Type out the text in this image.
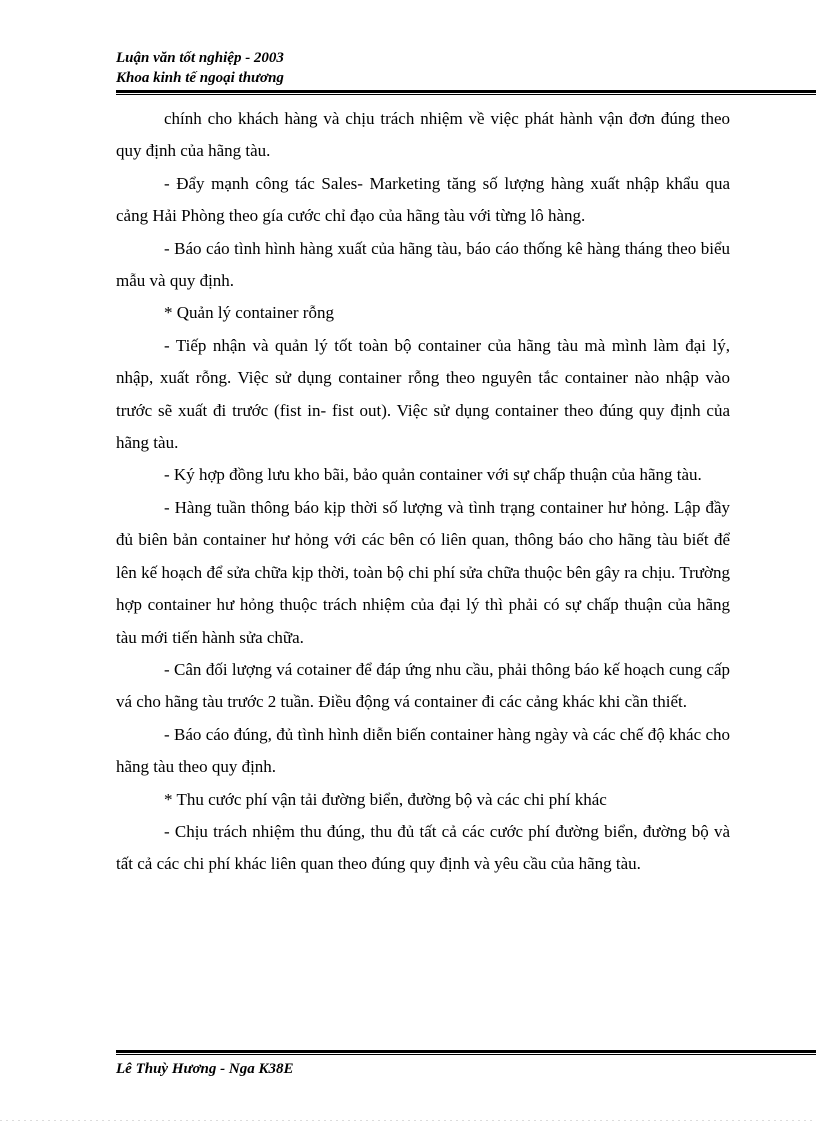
Luận văn tốt nghiệp - 2003
Khoa kinh tế ngoại thương

chính cho khách hàng và chịu trách nhiệm về việc phát hành vận đơn đúng theo quy định của hãng tàu.

- Đẩy mạnh công tác Sales- Marketing tăng số lượng hàng xuất nhập khẩu qua cảng Hải Phòng theo gía cước chỉ đạo của hãng tàu với từng lô hàng.

- Báo cáo tình hình hàng xuất của hãng tàu, báo cáo thống kê hàng tháng theo biểu mẫu và quy định.

* Quản lý container rỗng

- Tiếp nhận và quản lý tốt toàn bộ container của hãng tàu mà mình làm đại lý, nhập, xuất rỗng. Việc sử dụng container rỗng theo nguyên tắc container nào nhập vào trước sẽ xuất đi trước (fist in- fist out). Việc sử dụng container theo đúng quy định của hãng tàu.

- Ký hợp đồng lưu kho bãi, bảo quản container với sự chấp thuận của hãng tàu.

- Hàng tuần thông báo kịp thời số lượng và tình trạng container hư hỏng. Lập đầy đủ biên bản container hư hỏng với các bên có liên quan, thông báo cho hãng tàu biết để lên kế hoạch để sửa chữa kịp thời, toàn bộ chi phí sửa chữa thuộc bên gây ra chịu. Trường hợp container hư hỏng thuộc trách nhiệm của đại lý thì phải có sự chấp thuận của hãng tàu mới tiến hành sửa chữa.

- Cân đối lượng vá cotainer để đáp ứng nhu cầu, phải thông báo kế hoạch cung cấp vá cho hãng tàu trước 2 tuần. Điều động vá container đi các cảng khác khi cần thiết.

- Báo cáo đúng, đủ tình hình diễn biến container hàng ngày và các chế độ khác cho hãng tàu theo quy định.

* Thu cước phí vận tải đường biển, đường bộ và các chi phí khác

- Chịu trách nhiệm thu đúng, thu đủ tất cả các cước phí đường biển, đường bộ và tất cả các chi phí khác liên quan theo đúng quy định và yêu cầu của hãng tàu.

Lê Thuỳ Hương - Nga K38E
